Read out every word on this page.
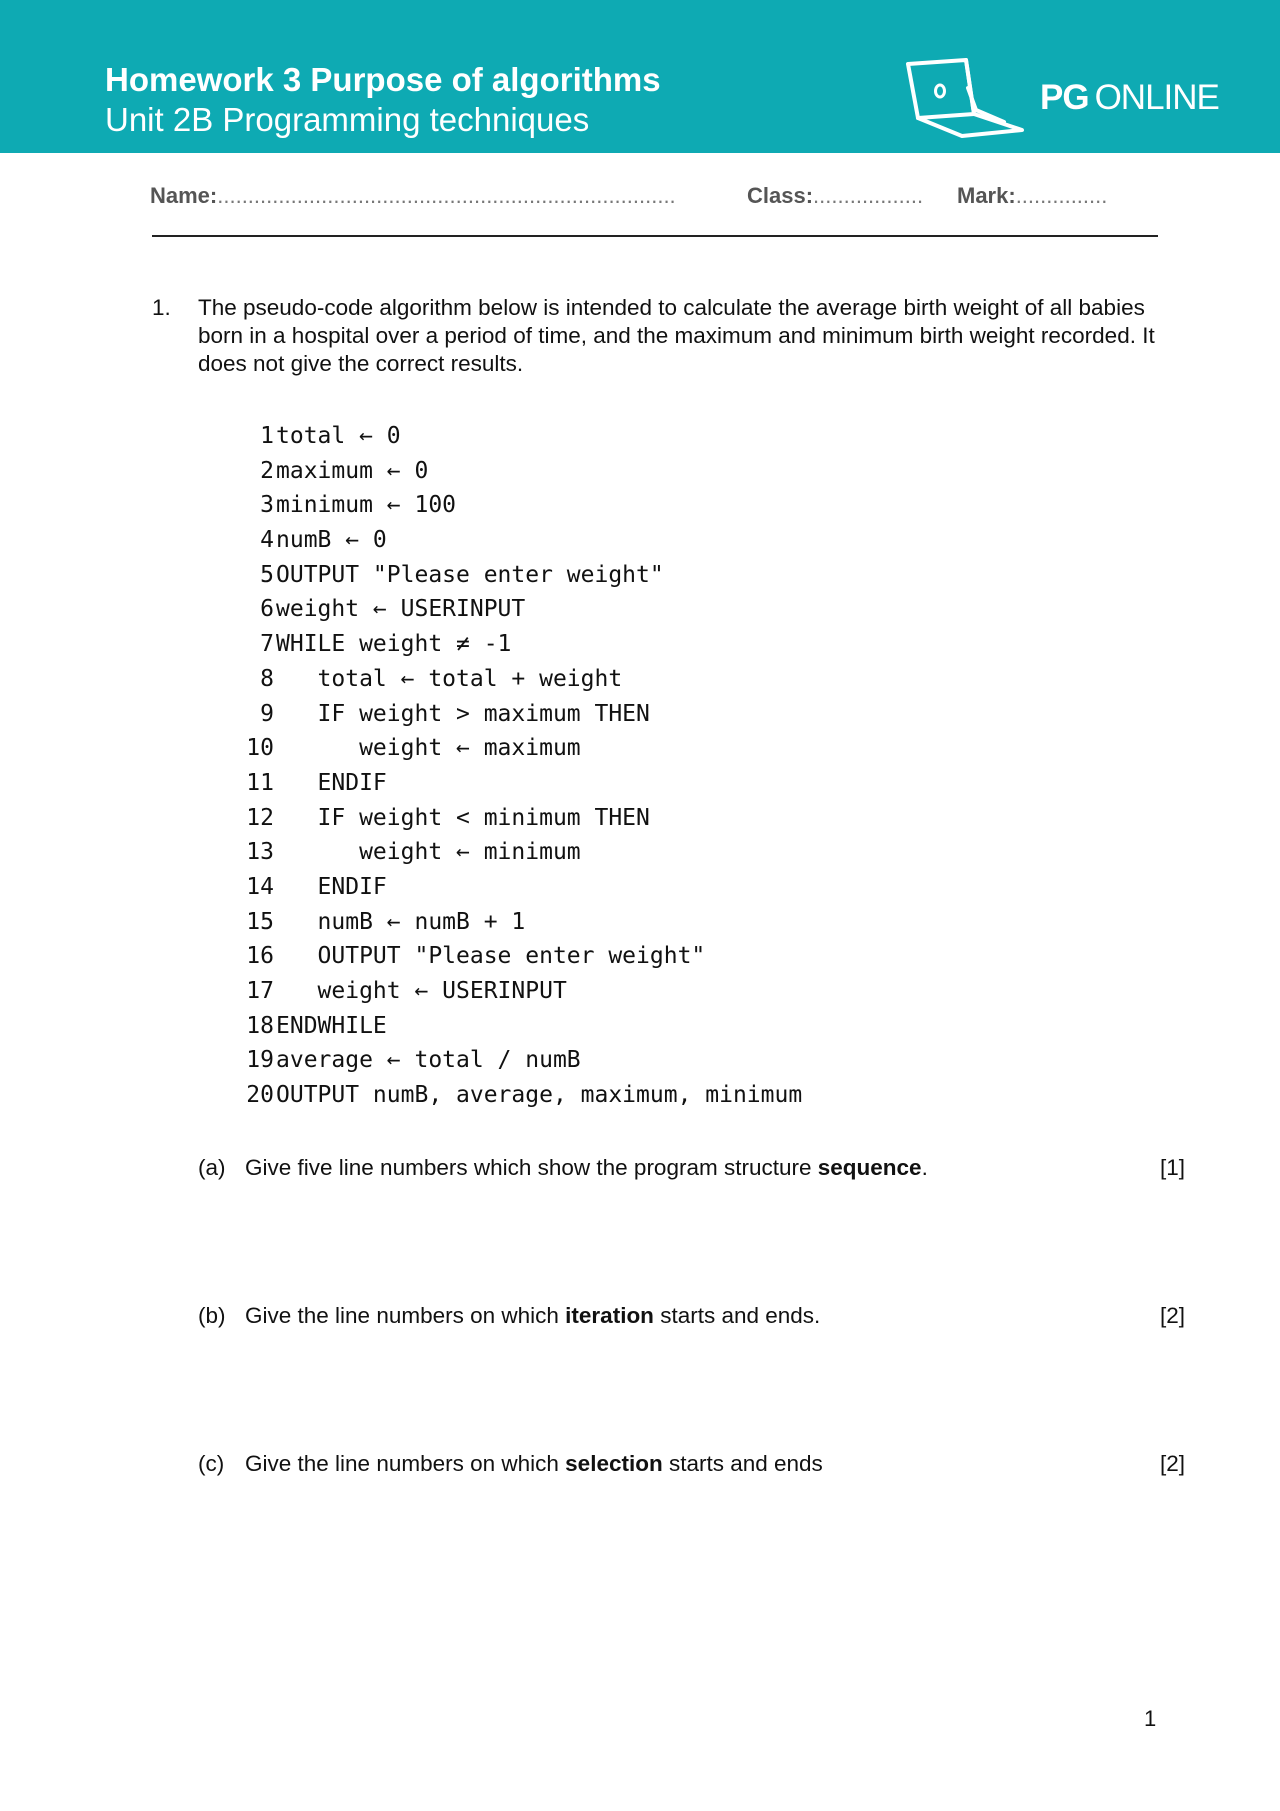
Homework 3 Purpose of algorithms
Unit 2B Programming techniques
PG ONLINE
Name:...........................................................................	Class:.................. Mark:...............
1. The pseudo-code algorithm below is intended to calculate the average birth weight of all babies born in a hospital over a period of time, and the maximum and minimum birth weight recorded. It does not give the correct results.
1 total ← 0
2 maximum ← 0
3 minimum ← 100
4 numB ← 0
5 OUTPUT "Please enter weight"
6 weight ← USERINPUT
7 WHILE weight ≠ -1
8 total ← total + weight
9 IF weight > maximum THEN
10 weight ← maximum
11 ENDIF
12 IF weight < minimum THEN
13 weight ← minimum
14 ENDIF
15 numB ← numB + 1
16 OUTPUT "Please enter weight"
17 weight ← USERINPUT
18 ENDWHILE
19 average ← total / numB
20 OUTPUT numB, average, maximum, minimum
(a) Give five line numbers which show the program structure sequence.	[1]
(b) Give the line numbers on which iteration starts and ends.	[2]
(c) Give the line numbers on which selection starts and ends	[2]
1
